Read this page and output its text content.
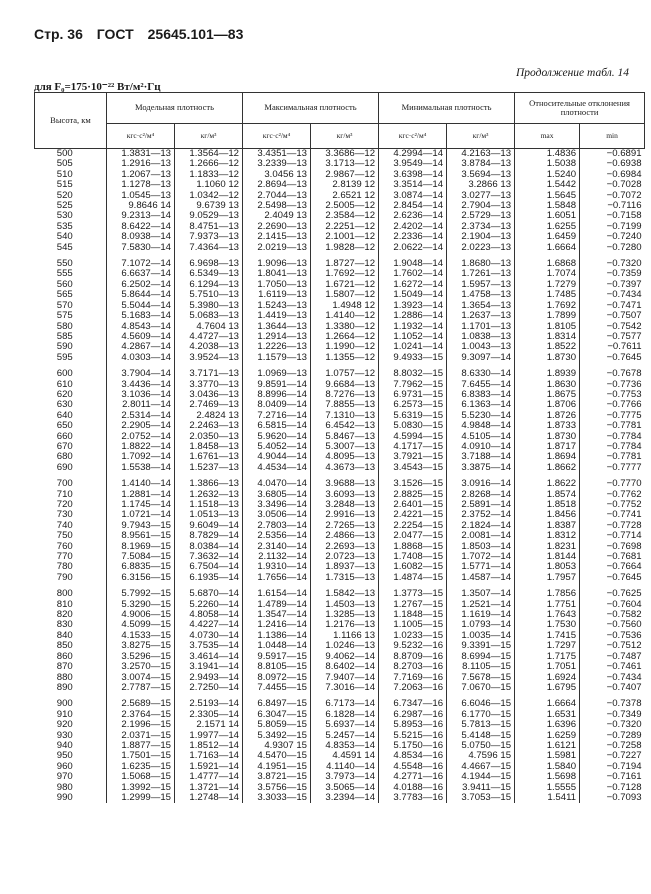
Стр. 36 ГОСТ 25645.101—83
Продолжение табл. 14
для F₀=175·10⁻²² Вт/м²·Гц
Высота, км	Модельная плотность		Максимальная плотность		Минимальная плотность		Относительные отклонения плотности	
	кгс·с²/м⁴	кг/м³	кгс·с²/м⁴	кг/м³	кгс·с²/м⁴	кг/м³	max	min
500	1.3831—13	1.3564—12	3.4351—13	3.3686—12	4.2994—14	4.2163—13	1.4836	−0.6891
505	1.2916—13	1.2666—12	3.2339—13	3.1713—12	3.9549—14	3.8784—13	1.5038	−0.6938
510	1.2067—13	1.1833—12	3.0456 13	2.9867—12	3.6398—14	3.5694—13	1.5240	−0.6984
515	1.1278—13	1.1060 12	2.8694—13	2.8139 12	3.3514—14	3.2866 13	1.5442	−0.7028
520	1.0545—13	1.0342—12	2.7044—13	2.6521 12	3.0874—14	3.0277—13	1.5645	−0.7072
525	9.8646 14	9.6739 13	2.5498—13	2.5005—12	2.8454—14	2.7904—13	1.5848	−0.7116
530	9.2313—14	9.0529—13	2.4049 13	2.3584—12	2.6236—14	2.5729—13	1.6051	−0.7158
535	8.6422—14	8.4751—13	2.2690—13	2.2251—12	2.4202—14	2.3734—13	1.6255	−0.7199
540	8.0938—14	7.9373—13	2.1415—13	2.1001—12	2.2336—14	2.1904—13	1.6459	−0.7240
545	7.5830—14	7.4364—13	2.0219—13	1.9828—12	2.0622—14	2.0223—13	1.6664	−0.7280

550	7.1072—14	6.9698—13	1.9096—13	1.8727—12	1.9048—14	1.8680—13	1.6868	−0.7320
555	6.6637—14	6.5349—13	1.8041—13	1.7692—12	1.7602—14	1.7261—13	1.7074	−0.7359
560	6.2502—14	6.1294—13	1.7050—13	1.6721—12	1.6272—14	1.5957—13	1.7279	−0.7397
565	5.8644—14	5.7510—13	1.6119—13	1.5807—12	1.5049—14	1.4758—13	1.7485	−0.7434
570	5.5044—14	5.3980—13	1.5243—13	1.4948 12	1.3923—14	1.3654—13	1.7692	−0.7471
575	5.1683—14	5.0683—13	1.4419—13	1.4140—12	1.2886—14	1.2637—13	1.7899	−0.7507
580	4.8543—14	4.7604 13	1.3644—13	1.3380—12	1.1932—14	1.1701—13	1.8105	−0.7542
585	4.5609—14	4.4727—13	1.2914—13	1.2664—12	1.1052—14	1.0838—13	1.8314	−0.7577
590	4.2867—14	4.2038—13	1.2226—13	1.1990—12	1.0241—14	1.0043—13	1.8522	−0.7611
595	4.0303—14	3.9524—13	1.1579—13	1.1355—12	9.4933—15	9.3097—14	1.8730	−0.7645

600	3.7904—14	3.7171—13	1.0969—13	1.0757—12	8.8032—15	8.6330—14	1.8939	−0.7678
610	3.4436—14	3.3770—13	9.8591—14	9.6684—13	7.7962—15	7.6455—14	1.8630	−0.7736
620	3.1036—14	3.0436—13	8.8996—14	8.7276—13	6.9731—15	6.8383—14	1.8675	−0.7753
630	2.8011—14	2.7469—13	8.0409—14	7.8855—13	6.2573—15	6.1363—14	1.8706	−0.7766
640	2.5314—14	2.4824 13	7.2716—14	7.1310—13	5.6319—15	5.5230—14	1.8726	−0.7775
650	2.2905—14	2.2463—13	6.5815—14	6.4542—13	5.0830—15	4.9848—14	1.8733	−0.7781
660	2.0752—14	2.0350—13	5.9620—14	5.8467—13	4.5994—15	4.5105—14	1.8730	−0.7784
670	1.8822—14	1.8458—13	5.4052—14	5.3007—13	4.1717—15	4.0910—14	1.8717	−0.7784
680	1.7092—14	1.6761—13	4.9044—14	4.8095—13	3.7921—15	3.7188—14	1.8694	−0.7781
690	1.5538—14	1.5237—13	4.4534—14	4.3673—13	3.4543—15	3.3875—14	1.8662	−0.7777

700	1.4140—14	1.3866—13	4.0470—14	3.9688—13	3.1526—15	3.0916—14	1.8622	−0.7770
710	1.2881—14	1.2632—13	3.6805—14	3.6093—13	2.8825—15	2.8268—14	1.8574	−0.7762
720	1.1745—14	1.1518—13	3.3496—14	3.2848—13	2.6401—15	2.5891—14	1.8518	−0.7752
730	1.0721—14	1.0513—13	3.0506—14	2.9916—13	2.4221—15	2.3752—14	1.8456	−0.7741
740	9.7943—15	9.6049—14	2.7803—14	2.7265—13	2.2254—15	2.1824—14	1.8387	−0.7728
750	8.9561—15	8.7829—14	2.5356—14	2.4866—13	2.0477—15	2.0081—14	1.8312	−0.7714
760	8.1969—15	8.0384—14	2.3140—14	2.2693—13	1.8868—15	1.8503—14	1.8231	−0.7698
770	7.5084—15	7.3632—14	2.1132—14	2.0723—13	1.7408—15	1.7072—14	1.8144	−0.7681
780	6.8835—15	6.7504—14	1.9310—14	1.8937—13	1.6082—15	1.5771—14	1.8053	−0.7664
790	6.3156—15	6.1935—14	1.7656—14	1.7315—13	1.4874—15	1.4587—14	1.7957	−0.7645

800	5.7992—15	5.6870—14	1.6154—14	1.5842—13	1.3773—15	1.3507—14	1.7856	−0.7625
810	5.3290—15	5.2260—14	1.4789—14	1.4503—13	1.2767—15	1.2521—14	1.7751	−0.7604
820	4.9006—15	4.8058—14	1.3547—14	1.3285—13	1.1848—15	1.1619—14	1.7643	−0.7582
830	4.5099—15	4.4227—14	1.2416—14	1.2176—13	1.1005—15	1.0793—14	1.7530	−0.7560
840	4.1533—15	4.0730—14	1.1386—14	1.1166 13	1.0233—15	1.0035—14	1.7415	−0.7536
850	3.8275—15	3.7535—14	1.0448—14	1.0246—13	9.5232—16	9.3391—15	1.7297	−0.7512
860	3.5296—15	3.4614—14	9.5917—15	9.4062—14	8.8709—16	8.6994—15	1.7175	−0.7487
870	3.2570—15	3.1941—14	8.8105—15	8.6402—14	8.2703—16	8.1105—15	1.7051	−0.7461
880	3.0074—15	2.9493—14	8.0972—15	7.9407—14	7.7169—16	7.5678—15	1.6924	−0.7434
890	2.7787—15	2.7250—14	7.4455—15	7.3016—14	7.2063—16	7.0670—15	1.6795	−0.7407

900	2.5689—15	2.5193—14	6.8497—15	6.7173—14	6.7347—16	6.6046—15	1.6664	−0.7378
910	2.3764—15	2.3305—14	6.3047—15	6.1828—14	6.2987—16	6.1770—15	1.6531	−0.7349
920	2.1996—15	2.1571 14	5.8059—15	5.6937—14	5.8953—16	5.7813—15	1.6396	−0.7320
930	2.0371—15	1.9977—14	5.3492—15	5.2457—14	5.5215—16	5.4148—15	1.6259	−0.7289
940	1.8877—15	1.8512—14	4.9307 15	4.8353—14	5.1750—16	5.0750—15	1.6121	−0.7258
950	1.7501—15	1.7163—14	4.5470—15	4.4591 14	4.8534—16	4.7596 15	1.5981	−0.7227
960	1.6235—15	1.5921—14	4.1951—15	4.1140—14	4.5548—16	4.4667—15	1.5840	−0.7194
970	1.5068—15	1.4777—14	3.8721—15	3.7973—14	4.2771—16	4.1944—15	1.5698	−0.7161
980	1.3992—15	1.3721—14	3.5756—15	3.5065—14	4.0188—16	3.9411—15	1.5555	−0.7128
990	1.2999—15	1.2748—14	3.3033—15	3.2394—14	3.7783—16	3.7053—15	1.5411	−0.7093
